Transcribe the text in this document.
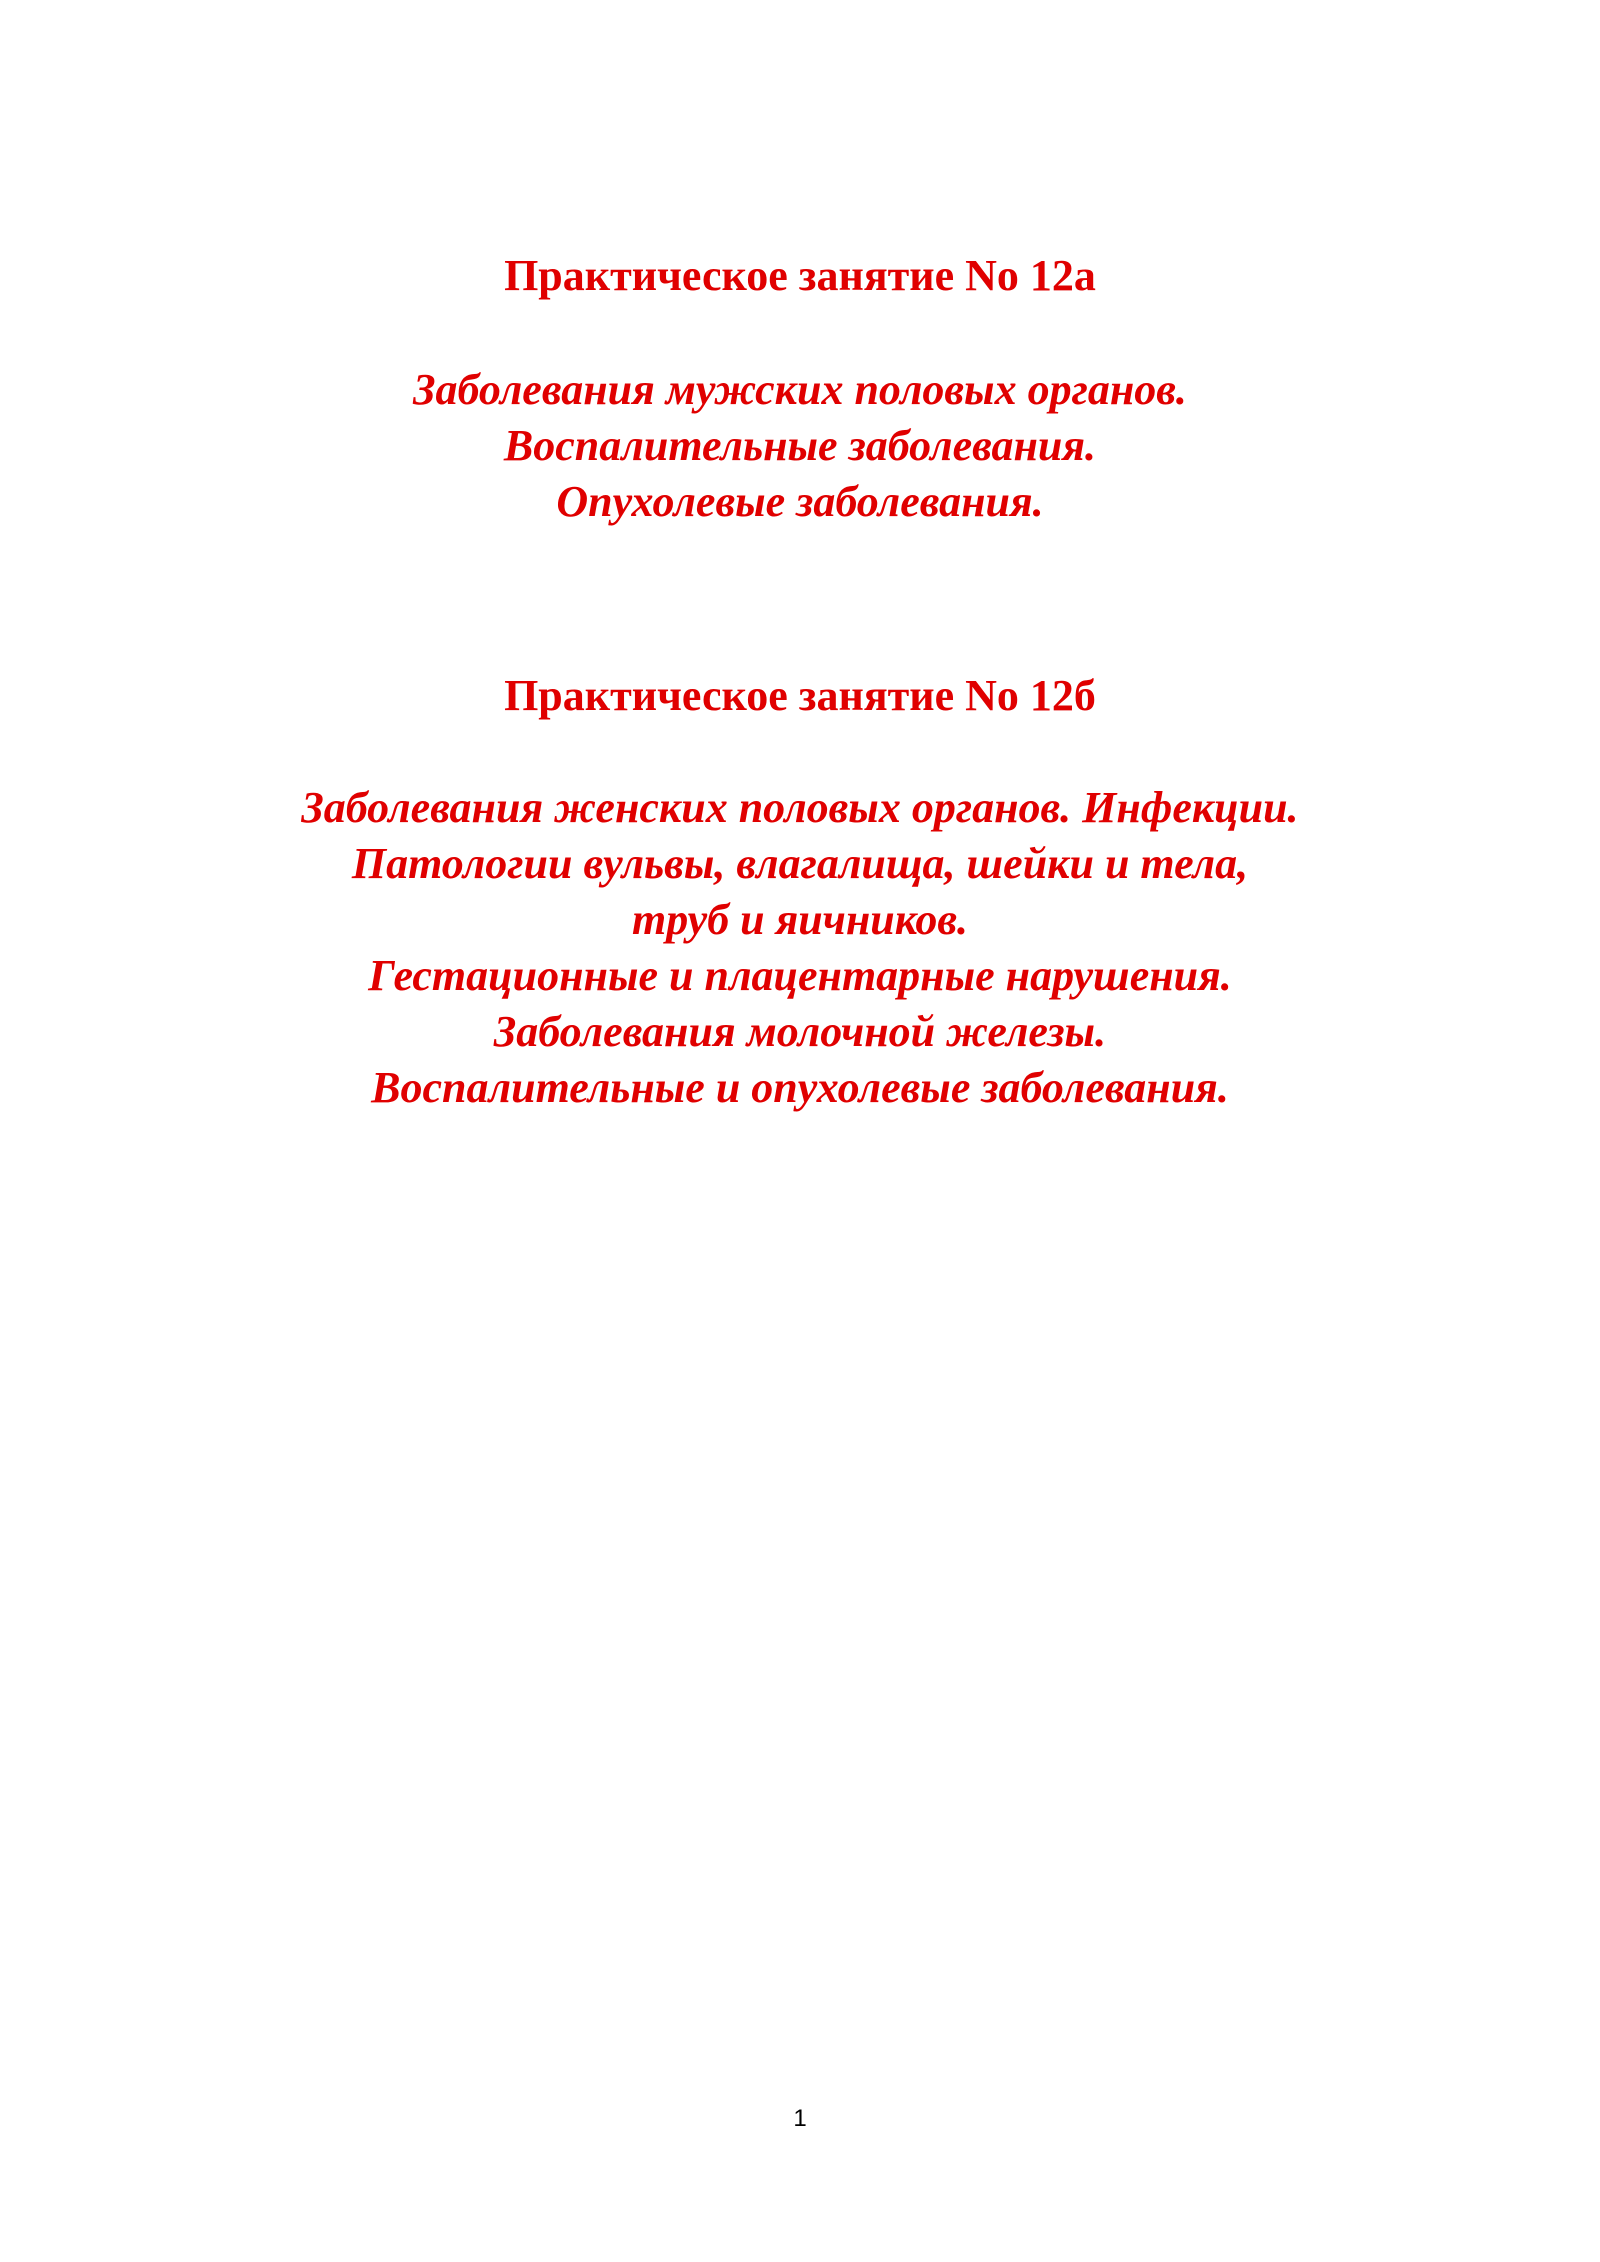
Практическое занятие No 12а

Заболевания мужских половых органов.
Воспалительные заболевания.
Опухолевые заболевания.

Практическое занятие No 12б

Заболевания женских половых органов. Инфекции.
Патологии вульвы, влагалища, шейки и тела,
труб и яичников.
Гестационные и плацентарные нарушения.
Заболевания молочной железы.
Воспалительные и опухолевые заболевания.

1
